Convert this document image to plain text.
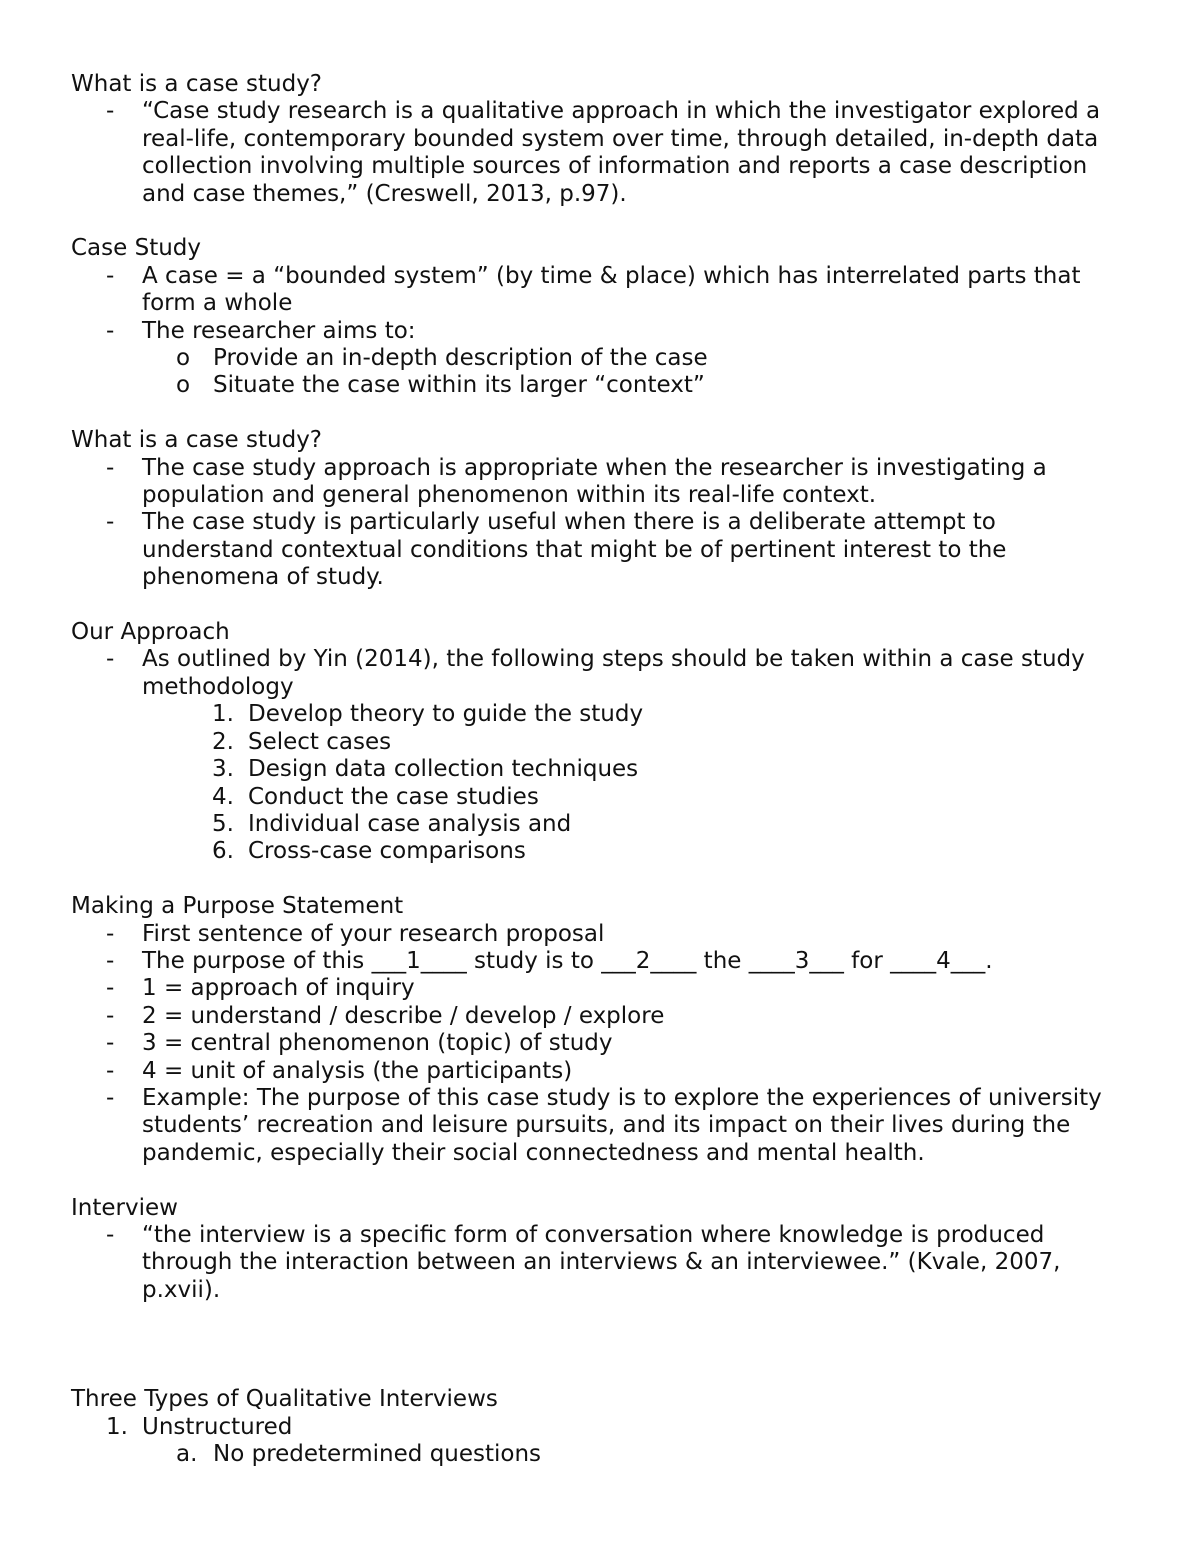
What is a case study?
- “Case study research is a qualitative approach in which the investigator explored a
real-life, contemporary bounded system over time, through detailed, in-depth data
collection involving multiple sources of information and reports a case description
and case themes,” (Creswell, 2013, p.97).
Case Study
- A case = a “bounded system” (by time & place) which has interrelated parts that
form a whole
- The researcher aims to:
o Provide an in-depth description of the case
o Situate the case within its larger “context”
What is a case study?
- The case study approach is appropriate when the researcher is investigating a
population and general phenomenon within its real-life context.
- The case study is particularly useful when there is a deliberate attempt to
understand contextual conditions that might be of pertinent interest to the
phenomena of study.
Our Approach
- As outlined by Yin (2014), the following steps should be taken within a case study
methodology
1. Develop theory to guide the study
2. Select cases
3. Design data collection techniques
4. Conduct the case studies
5. Individual case analysis and
6. Cross-case comparisons
Making a Purpose Statement
- First sentence of your research proposal
- The purpose of this ___1____ study is to ___2____ the ____3___ for ____4___.
- 1 = approach of inquiry
- 2 = understand / describe / develop / explore
- 3 = central phenomenon (topic) of study
- 4 = unit of analysis (the participants)
- Example: The purpose of this case study is to explore the experiences of university
students’ recreation and leisure pursuits, and its impact on their lives during the
pandemic, especially their social connectedness and mental health.
Interview
- “the interview is a specific form of conversation where knowledge is produced
through the interaction between an interviews & an interviewee.” (Kvale, 2007,
p.xvii).
Three Types of Qualitative Interviews
1. Unstructured
a. No predetermined questions
